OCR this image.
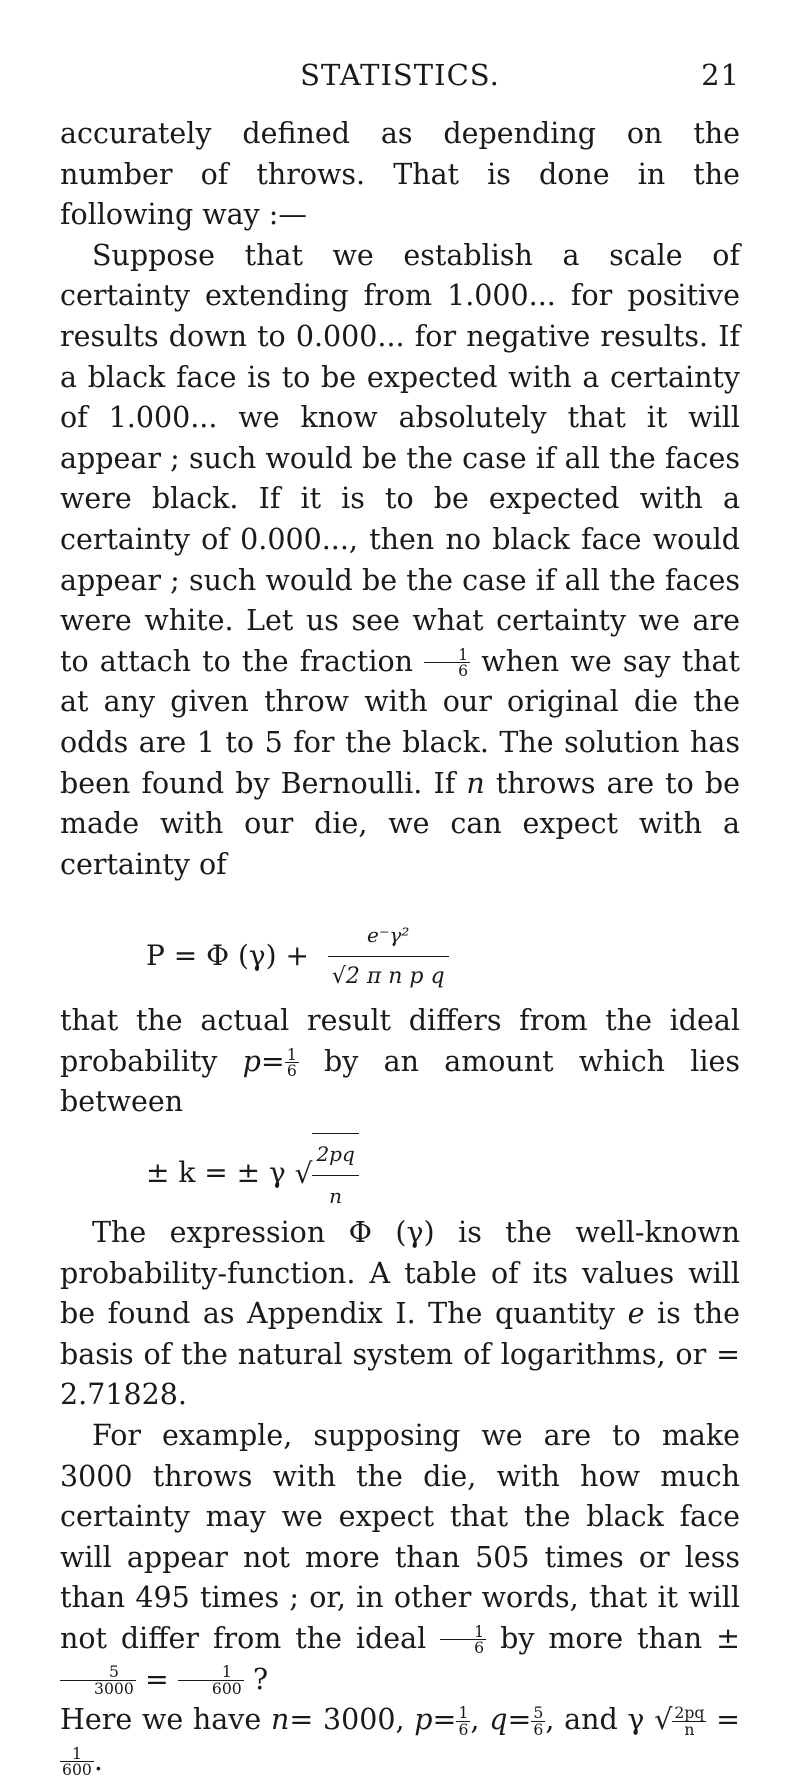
STATISTICS.	21

accurately defined as depending on the number of throws. That is done in the following way :—

Suppose that we establish a scale of certainty extending from 1.000... for positive results down to 0.000... for negative results. If a black face is to be expected with a certainty of 1.000... we know absolutely that it will appear ; such would be the case if all the faces were black. If it is to be expected with a certainty of 0.000..., then no black face would appear ; such would be the case if all the faces were white. Let us see what certainty we are to attach to the fraction $\frac{1}{6}$ when we say that at any given throw with our original die the odds are 1 to 5 for the black. The solution has been found by Bernoulli. If n throws are to be made with our die, we can expect with a certainty of

P = Φ $(\gamma) + \frac{\text{e⁻γ²}}{\text{√2 π n p q}}$

that the actual result differs from the ideal probability $p= \frac{1}{6}$ by an amount which lies between

± k = ± γ √ $\frac{2pq}{n}$

The expression Φ (γ) is the well-known probability-function. A table of its values will be found as Appendix I. The quantity e is the basis of the natural system of logarithms, or = 2.71828.

For example, supposing we are to make 3000 throws with the die, with how much certainty may we expect that the black face will appear not more than 505 times or less than 495 times ; or, in other words, that it will not differ from the ideal $\frac{1}{6}$ by more than ±
$\frac{5}{3000} = \frac{1}{600}$ ?

Here we have n= 3000, $p= \frac{1}{6}$ , $q= \frac{5}{6}$ , and γ √ $\frac{2pq}{n}$ =
$\frac{1}{600}$ .
